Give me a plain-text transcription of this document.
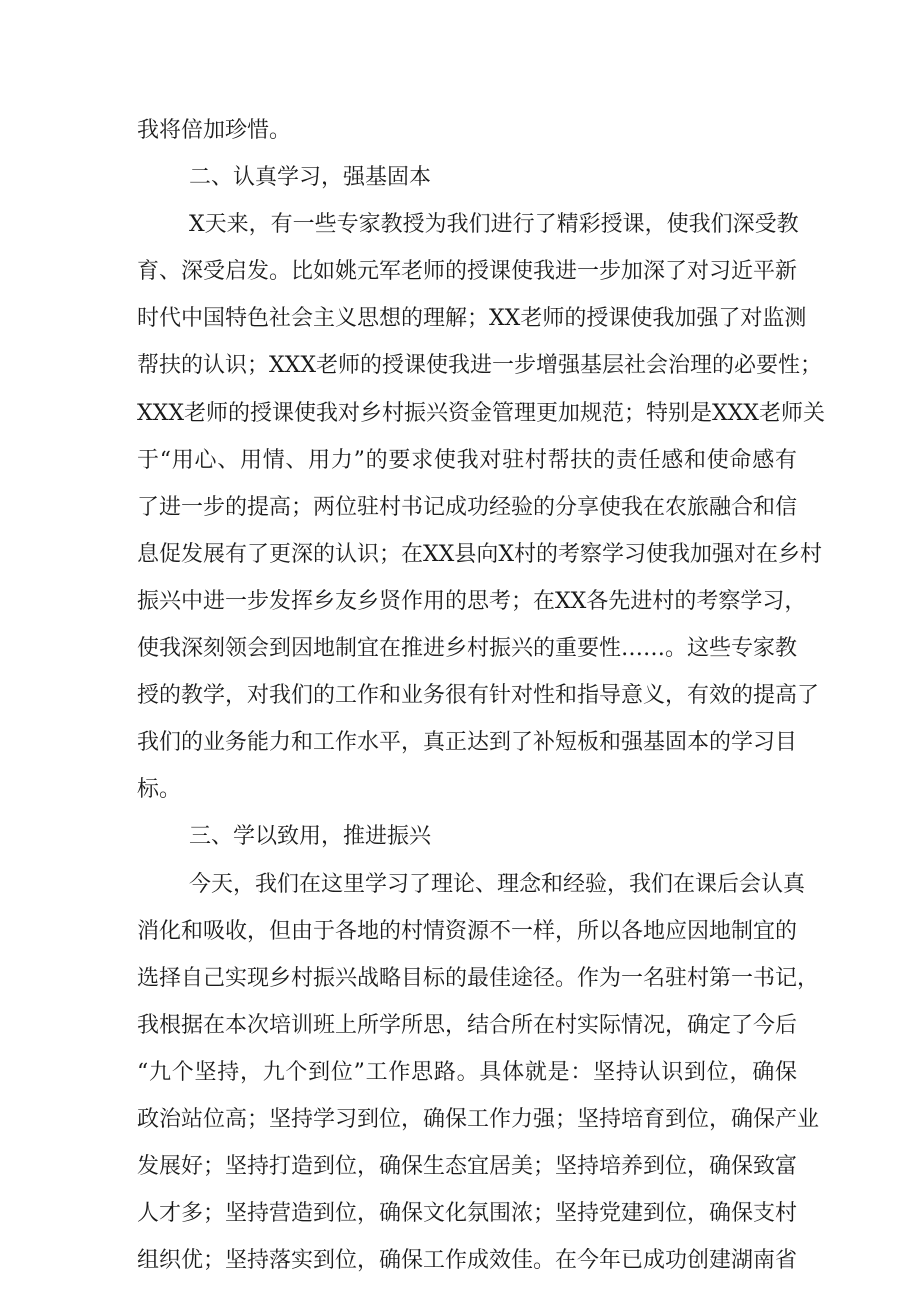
我将倍加珍惜。
二、认真学习，强基固本
X天来，有一些专家教授为我们进行了精彩授课，使我们深受教
育、深受启发。比如姚元军老师的授课使我进一步加深了对习近平新
时代中国特色社会主义思想的理解；XX老师的授课使我加强了对监测
帮扶的认识；XXX老师的授课使我进一步增强基层社会治理的必要性；
XXX老师的授课使我对乡村振兴资金管理更加规范；特别是XXX老师关
于“用心、用情、用力”的要求使我对驻村帮扶的责任感和使命感有
了进一步的提高；两位驻村书记成功经验的分享使我在农旅融合和信
息促发展有了更深的认识；在XX县向X村的考察学习使我加强对在乡村
振兴中进一步发挥乡友乡贤作用的思考；在XX各先进村的考察学习，
使我深刻领会到因地制宜在推进乡村振兴的重要性……。这些专家教
授的教学，对我们的工作和业务很有针对性和指导意义，有效的提高了
我们的业务能力和工作水平，真正达到了补短板和强基固本的学习目
标。
三、学以致用，推进振兴
今天，我们在这里学习了理论、理念和经验，我们在课后会认真
消化和吸收，但由于各地的村情资源不一样，所以各地应因地制宜的
选择自己实现乡村振兴战略目标的最佳途径。作为一名驻村第一书记，
我根据在本次培训班上所学所思，结合所在村实际情况，确定了今后
“九个坚持，九个到位”工作思路。具体就是：坚持认识到位，确保
政治站位高；坚持学习到位，确保工作力强；坚持培育到位，确保产业
发展好；坚持打造到位，确保生态宜居美；坚持培养到位，确保致富
人才多；坚持营造到位，确保文化氛围浓；坚持党建到位，确保支村
组织优；坚持落实到位，确保工作成效佳。在今年已成功创建湖南省
